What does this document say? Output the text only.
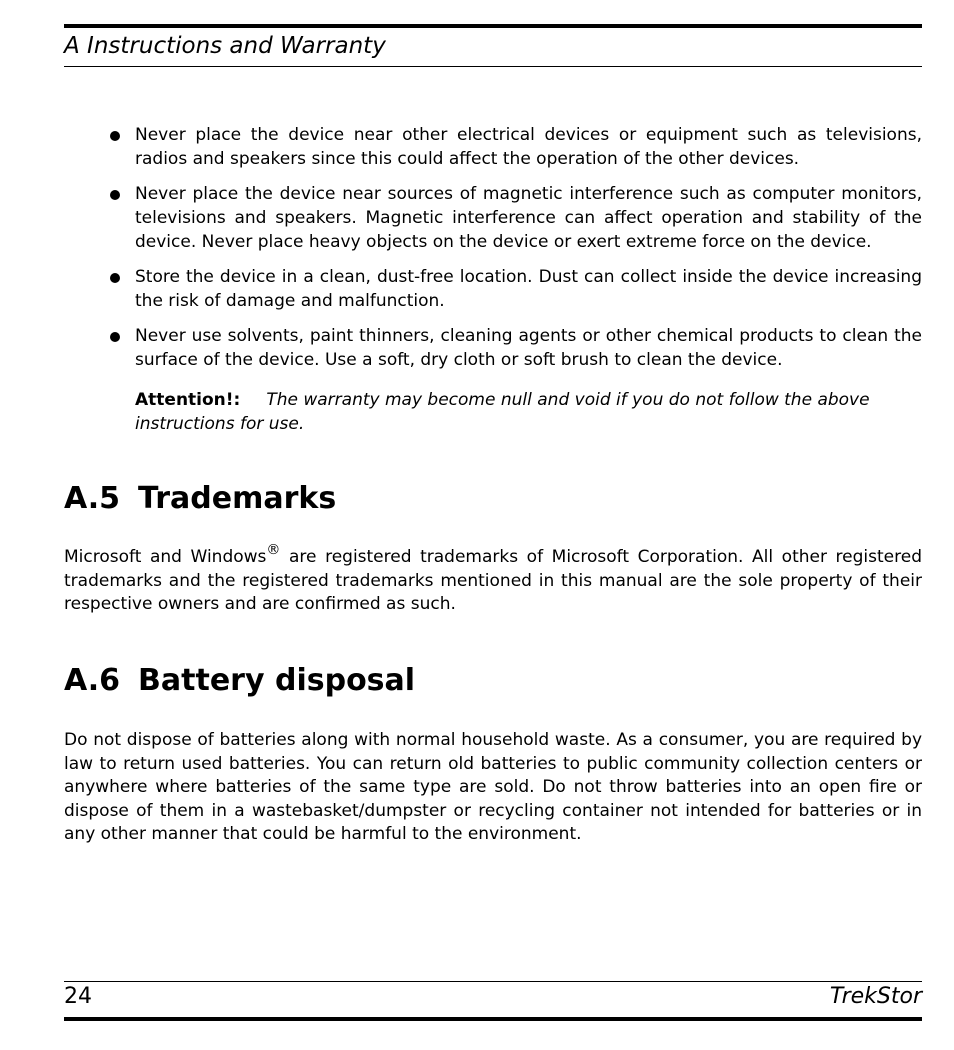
A Instructions and Warranty
Never place the device near other electrical devices or equipment such as televisions, radios and speakers since this could affect the operation of the other devices.
Never place the device near sources of magnetic interference such as computer monitors, televisions and speakers. Magnetic interference can affect operation and stability of the device. Never place heavy objects on the device or exert extreme force on the device.
Store the device in a clean, dust-free location. Dust can collect inside the device increasing the risk of damage and malfunction.
Never use solvents, paint thinners, cleaning agents or other chemical products to clean the surface of the device. Use a soft, dry cloth or soft brush to clean the device.
Attention!: The warranty may become null and void if you do not follow the above instructions for use.
A.5 Trademarks
Microsoft and Windows® are registered trademarks of Microsoft Corporation. All other registered trademarks and the registered trademarks mentioned in this manual are the sole property of their respective owners and are confirmed as such.
A.6 Battery disposal
Do not dispose of batteries along with normal household waste. As a consumer, you are required by law to return used batteries. You can return old batteries to public community collection centers or anywhere where batteries of the same type are sold. Do not throw batteries into an open fire or dispose of them in a wastebasket/dumpster or recycling container not intended for batteries or in any other manner that could be harmful to the environment.
24	TrekStor
